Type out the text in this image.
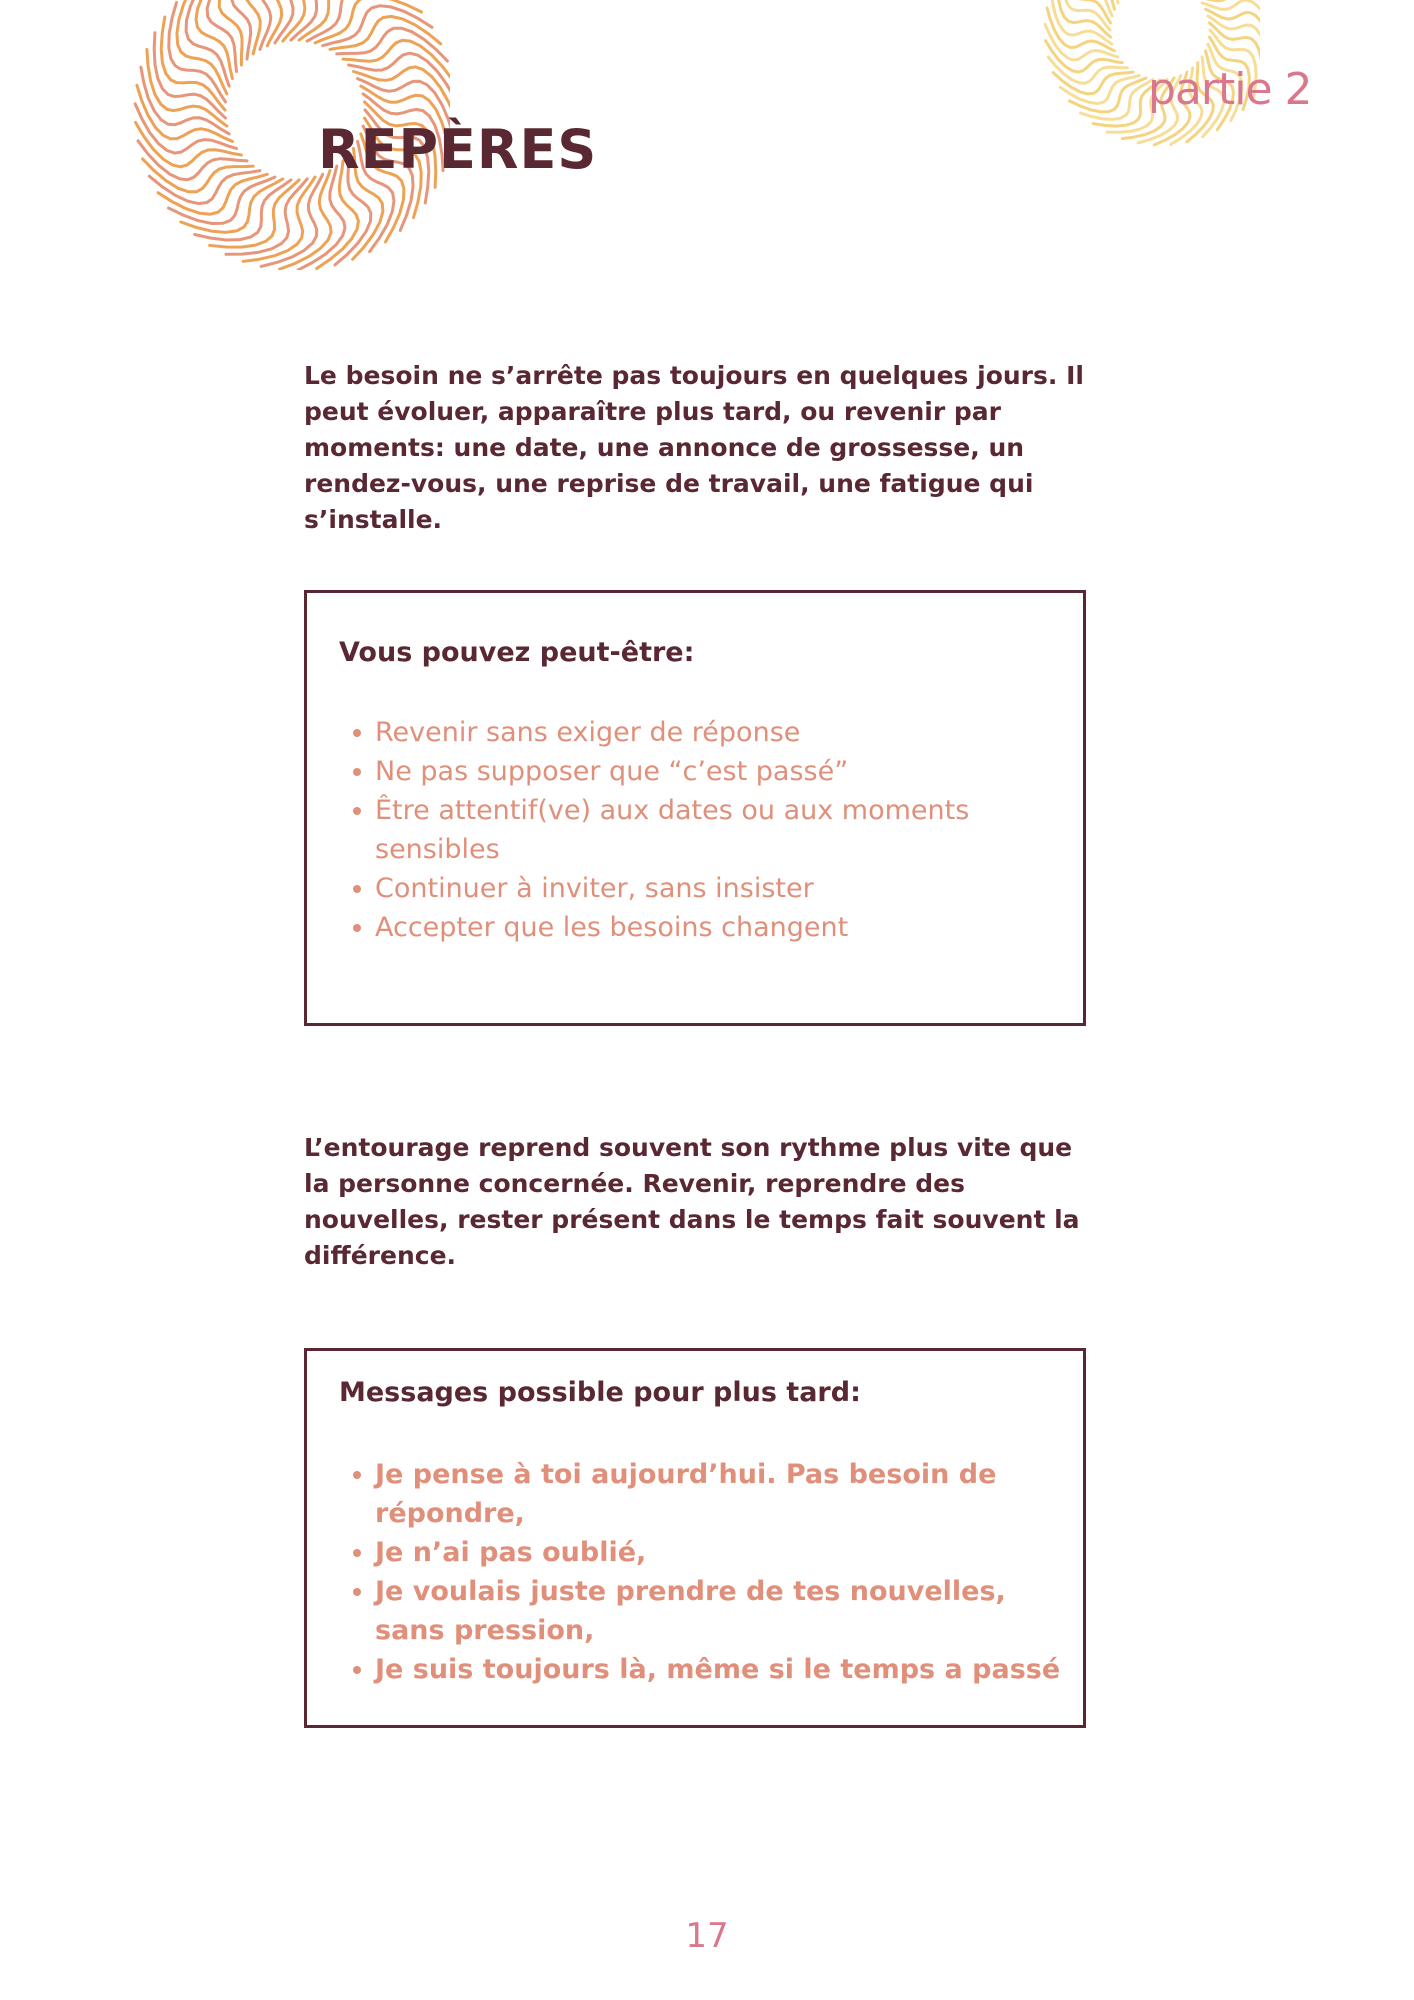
REPÈRES
partie 2

Le besoin ne s’arrête pas toujours en quelques jours. Il peut évoluer, apparaître plus tard, ou revenir par moments: une date, une annonce de grossesse, un rendez-vous, une reprise de travail, une fatigue qui s’installe.

Vous pouvez peut-être:
Revenir sans exiger de réponse
Ne pas supposer que “c’est passé”
Être attentif(ve) aux dates ou aux moments sensibles
Continuer à inviter, sans insister
Accepter que les besoins changent

L’entourage reprend souvent son rythme plus vite que la personne concernée. Revenir, reprendre des nouvelles, rester présent dans le temps fait souvent la différence.

Messages possible pour plus tard:
Je pense à toi aujourd’hui. Pas besoin de répondre,
Je n’ai pas oublié,
Je voulais juste prendre de tes nouvelles, sans pression,
Je suis toujours là, même si le temps a passé
17
